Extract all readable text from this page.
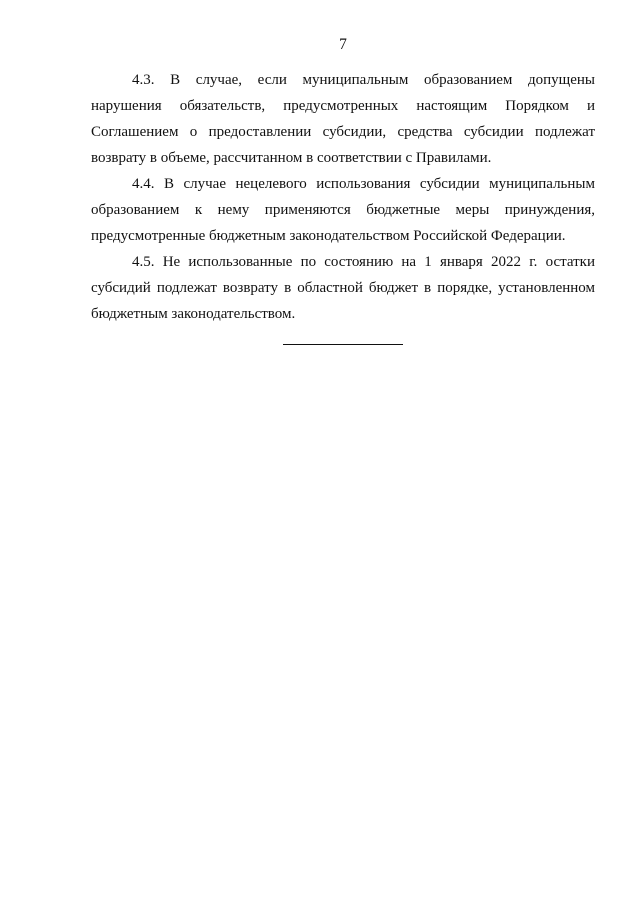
7

4.3. В случае, если муниципальным образованием допущены нарушения обязательств, предусмотренных настоящим Порядком и Соглашением о предоставлении субсидии, средства субсидии подлежат возврату в объеме, рассчитанном в соответствии с Правилами.

4.4. В случае нецелевого использования субсидии муниципальным образованием к нему применяются бюджетные меры принуждения, предусмотренные бюджетным законодательством Российской Федерации.

4.5. Не использованные по состоянию на 1 января 2022 г. остатки субсидий подлежат возврату в областной бюджет в порядке, установленном бюджетным законодательством.
